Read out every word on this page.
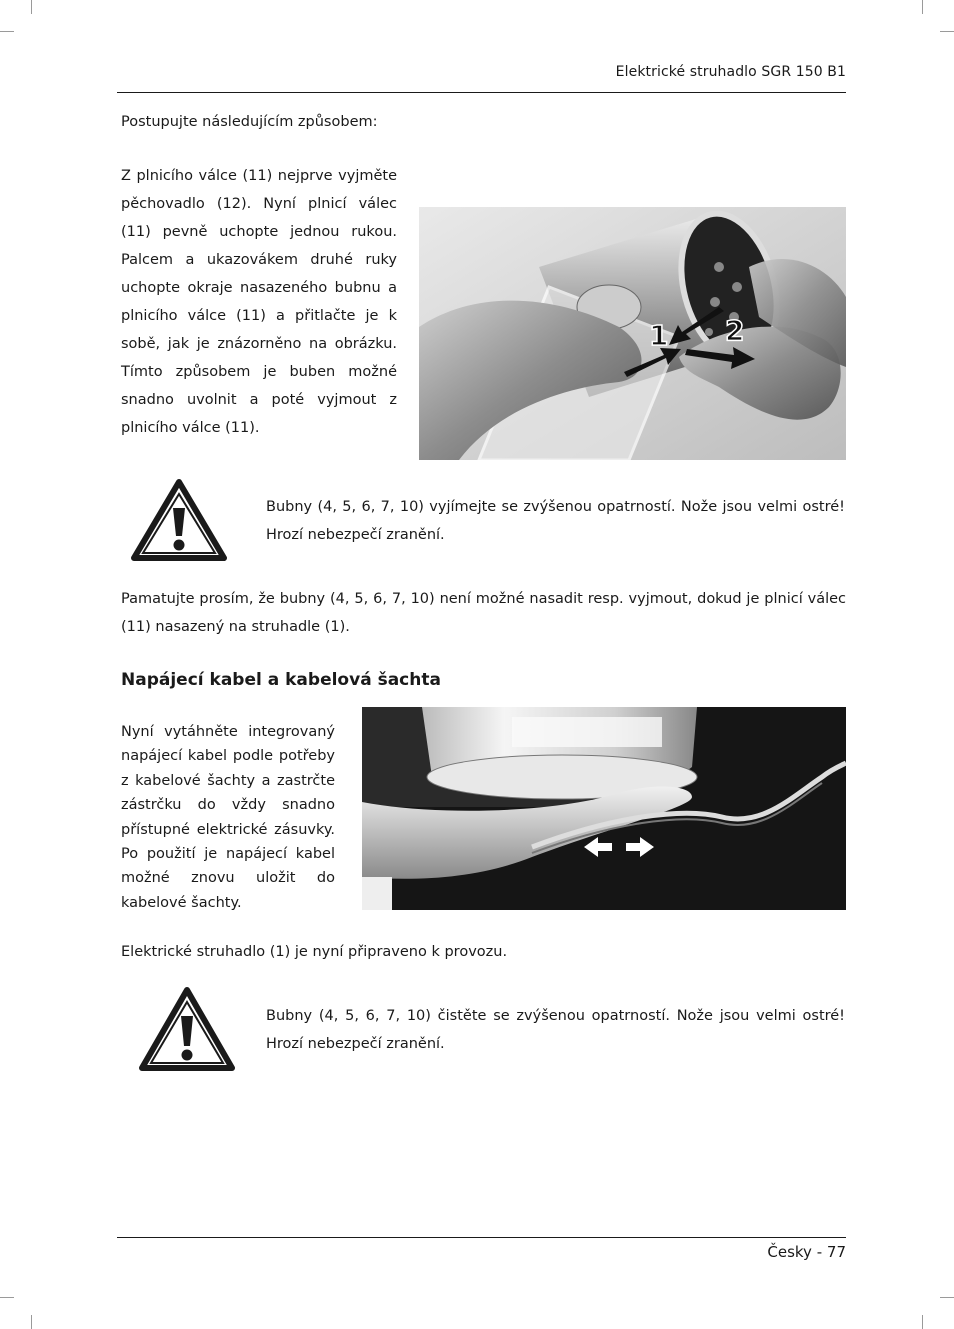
Elektrické struhadlo SGR 150 B1

Postupujte následujícím způsobem:

Z plnicího válce (11) nejprve vyjměte pěchovadlo (12). Nyní plnicí válec (11) pevně uchopte jednou rukou. Palcem a ukazovákem druhé ruky uchopte okraje nasazeného bubnu a plnicího válce (11) a přitlačte je k sobě, jak je znázorněno na obrázku. Tímto způsobem je buben možné snadno uvolnit a poté vyjmout z plnicího válce (11).

1 2

Bubny (4, 5, 6, 7, 10) vyjímejte se zvýšenou opatrností. Nože jsou velmi ostré! Hrozí nebezpečí zranění.

Pamatujte prosím, že bubny (4, 5, 6, 7, 10) není možné nasadit resp. vyjmout, dokud je plnicí válec (11) nasazený na struhadle (1).

Napájecí kabel a kabelová šachta

Nyní vytáhněte integrovaný napájecí kabel podle potřeby z kabelové šachty a zastrčte zástrčku do vždy snadno přístupné elektrické zásuvky. Po použití je napájecí kabel možné znovu uložit do kabelové šachty.

Elektrické struhadlo (1) je nyní připraveno k provozu.

Bubny (4, 5, 6, 7, 10) čistěte se zvýšenou opatrností. Nože jsou velmi ostré! Hrozí nebezpečí zranění.

Česky - 77
